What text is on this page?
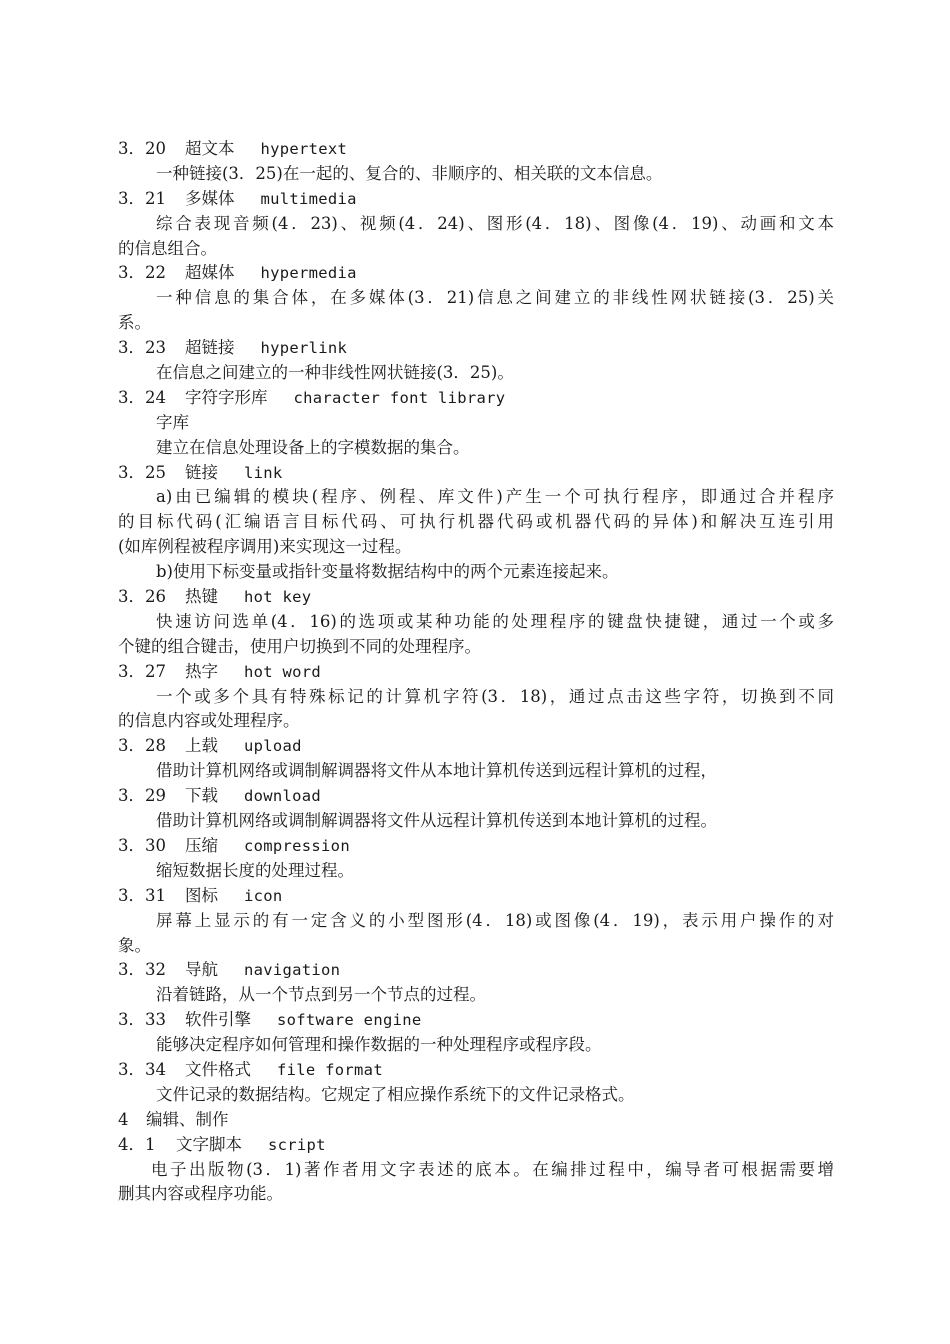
3．20 超文本 hypertext
一种链接(3．25)在一起的、复合的、非顺序的、相关联的文本信息。
3．21 多媒体 multimedia
综合表现音频(4．23)、视频(4．24)、图形(4．18)、图像(4．19)、动画和文本
的信息组合。
3．22 超媒体 hypermedia
一种信息的集合体，在多媒体(3．21)信息之间建立的非线性网状链接(3．25)关
系。
3．23 超链接 hyperlink
在信息之间建立的一种非线性网状链接(3．25)。
3．24 字符字形库 character font library
字库
建立在信息处理设备上的字模数据的集合。
3．25 链接 link
a)由已编辑的模块(程序、例程、库文件)产生一个可执行程序，即通过合并程序
的目标代码(汇编语言目标代码、可执行机器代码或机器代码的异体)和解决互连引用
(如库例程被程序调用)来实现这一过程。
b)使用下标变量或指针变量将数据结构中的两个元素连接起来。
3．26 热键 hot key
快速访问选单(4．16)的选项或某种功能的处理程序的键盘快捷键，通过一个或多
个键的组合键击，使用户切换到不同的处理程序。
3．27 热字 hot word
一个或多个具有特殊标记的计算机字符(3．18)，通过点击这些字符，切换到不同
的信息内容或处理程序。
3．28 上载 upload
借助计算机网络或调制解调器将文件从本地计算机传送到远程计算机的过程，
3．29 下载 download
借助计算机网络或调制解调器将文件从远程计算机传送到本地计算机的过程。
3．30 压缩 compression
缩短数据长度的处理过程。
3．31 图标 icon
屏幕上显示的有一定含义的小型图形(4．18)或图像(4．19)，表示用户操作的对
象。
3．32 导航 navigation
沿着链路，从一个节点到另一个节点的过程。
3．33 软件引擎 software engine
能够决定程序如何管理和操作数据的一种处理程序或程序段。
3．34 文件格式 file format
文件记录的数据结构。它规定了相应操作系统下的文件记录格式。
4 编辑、制作
4．1 文字脚本 script
电子出版物(3．1)著作者用文字表述的底本。在编排过程中，编导者可根据需要增
删其内容或程序功能。
